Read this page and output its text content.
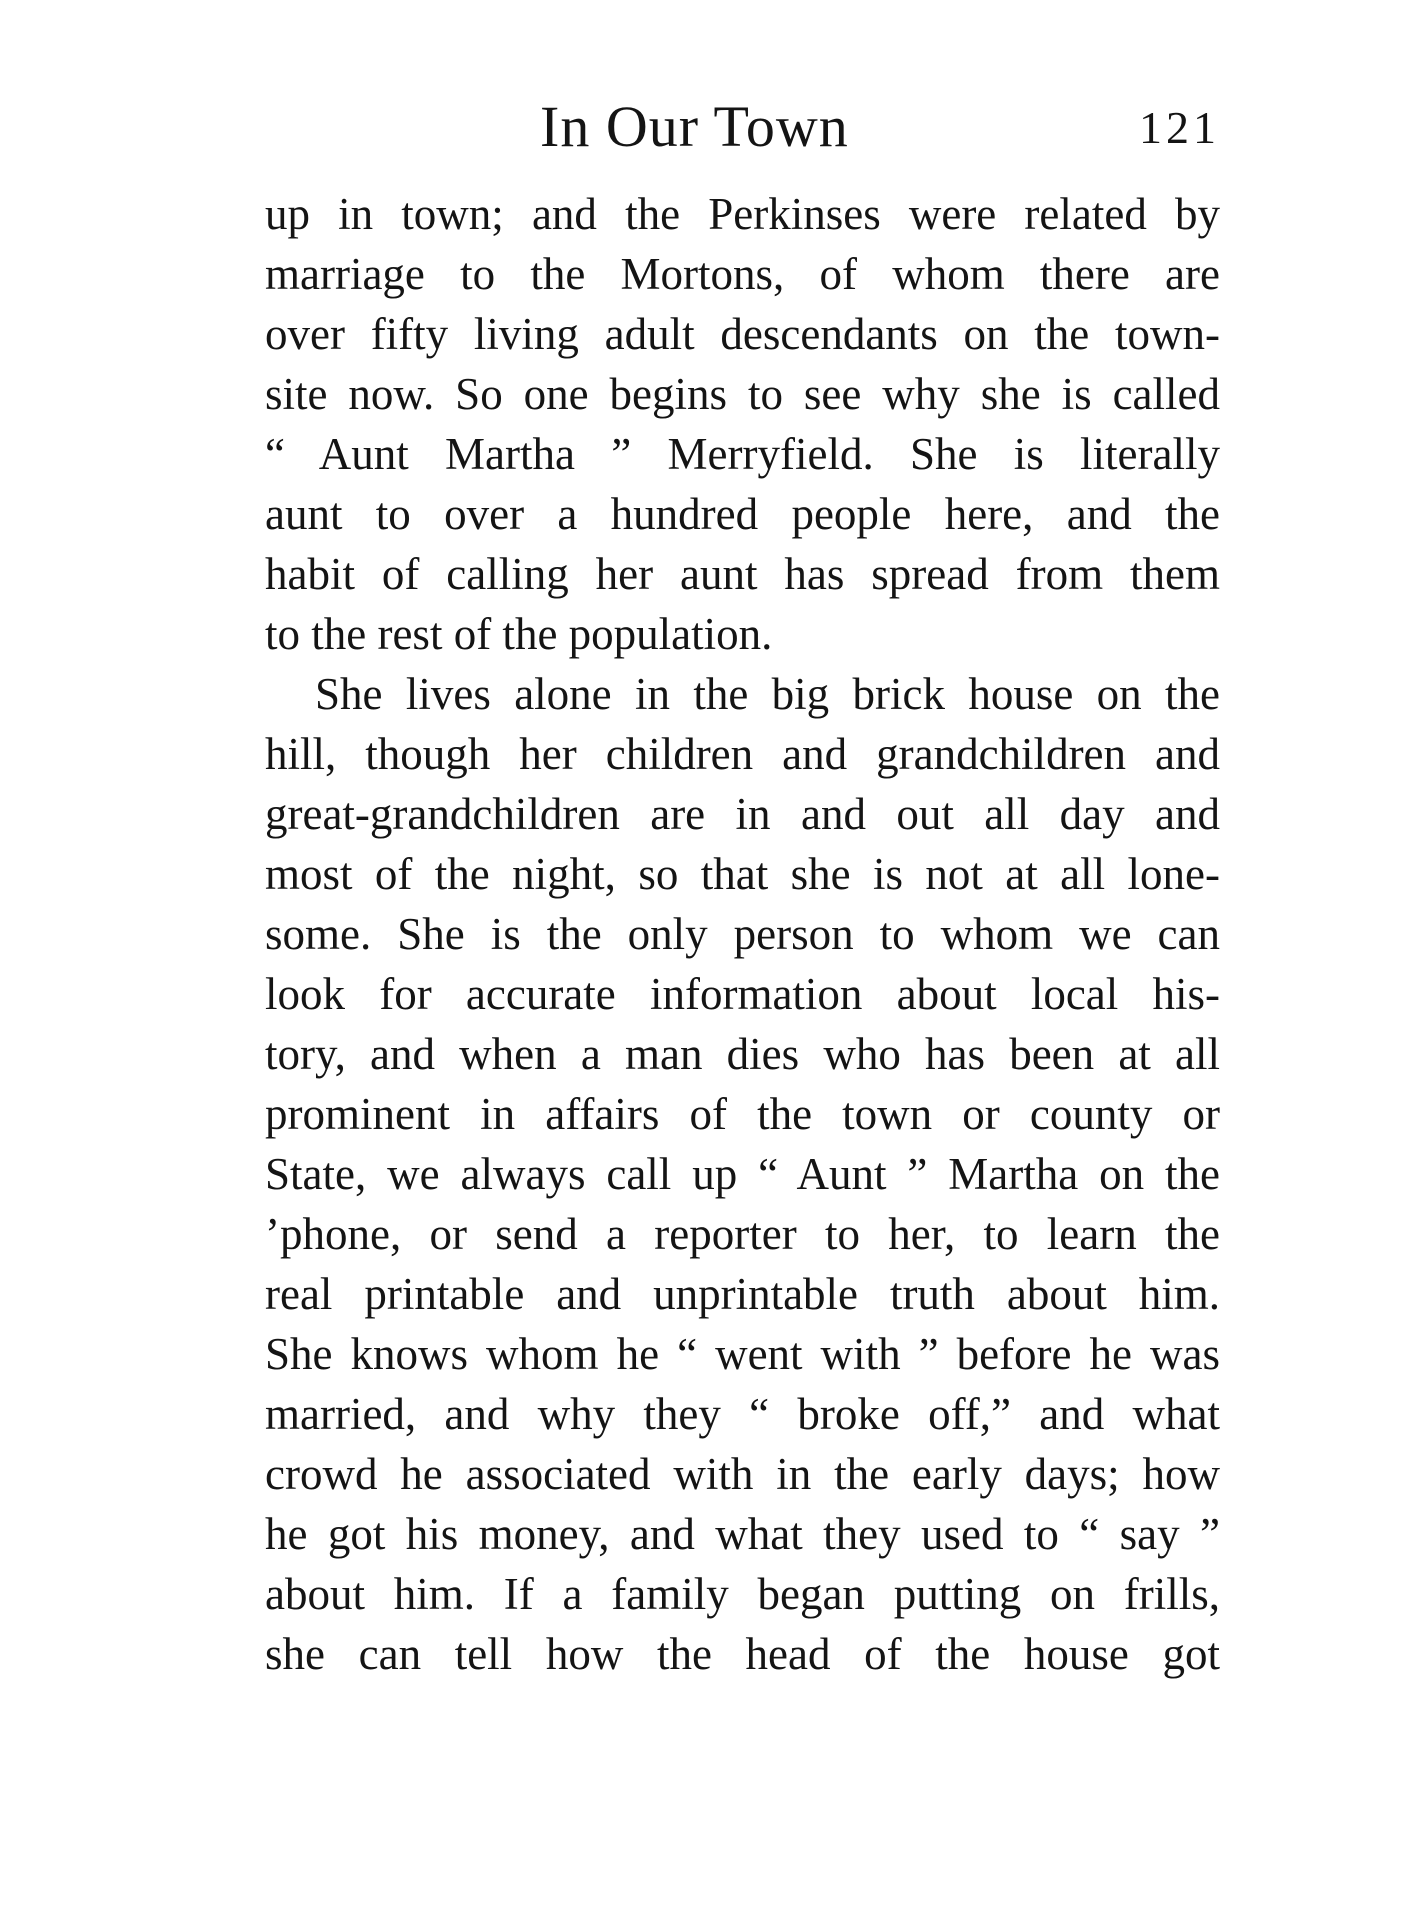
In Our Town	121
up in town; and the Perkinses were related by
marriage to the Mortons, of whom there are
over fifty living adult descendants on the town-
site now. So one begins to see why she is called
“ Aunt Martha ” Merryfield. She is literally
aunt to over a hundred people here, and the
habit of calling her aunt has spread from them
to the rest of the population.
She lives alone in the big brick house on the
hill, though her children and grandchildren and
great-grandchildren are in and out all day and
most of the night, so that she is not at all lone-
some. She is the only person to whom we can
look for accurate information about local his-
tory, and when a man dies who has been at all
prominent in affairs of the town or county or
State, we always call up “ Aunt ” Martha on the
’phone, or send a reporter to her, to learn the
real printable and unprintable truth about him.
She knows whom he “ went with ” before he was
married, and why they “ broke off,” and what
crowd he associated with in the early days; how
he got his money, and what they used to “ say ”
about him. If a family began putting on frills,
she can tell how the head of the house got
